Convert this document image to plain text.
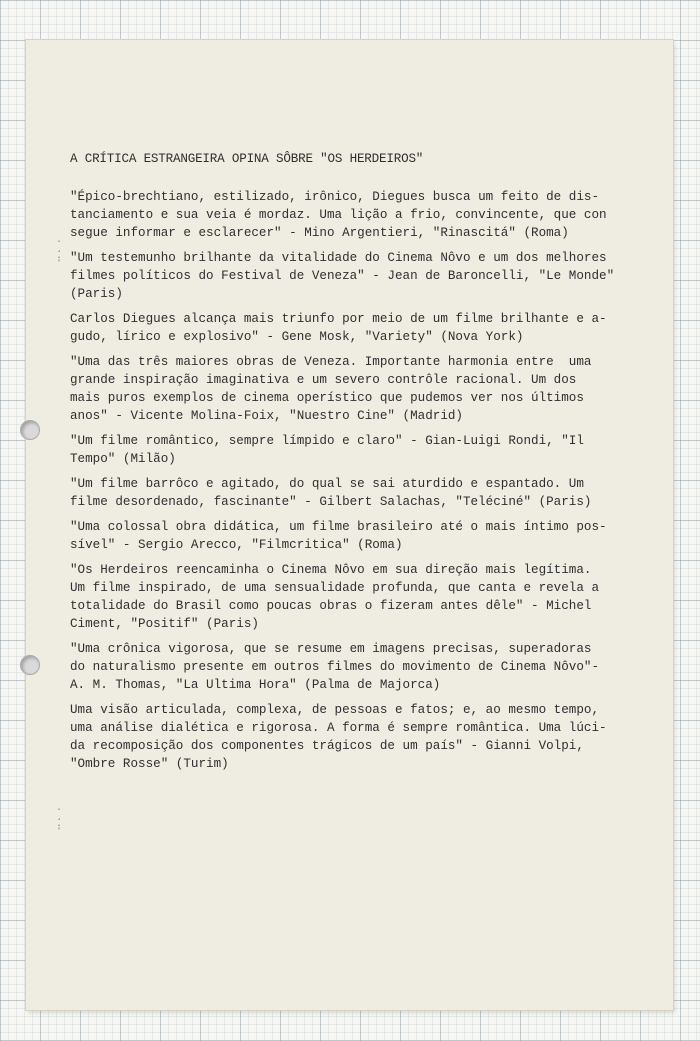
.
¸
.
'
.
¸
.
'
A CRÍTICA ESTRANGEIRA OPINA SÔBRE "OS HERDEIROS"
"Épico-brechtiano, estilizado, irônico, Diegues busca um feito de dis-
tanciamento e sua veia é mordaz. Uma lição a frio, convincente, que con
segue informar e esclarecer" - Mino Argentieri, "Rinascitá" (Roma)
"Um testemunho brilhante da vitalidade do Cinema Nôvo e um dos melhores
filmes políticos do Festival de Veneza" - Jean de Baroncelli, "Le Monde"
(Paris)
Carlos Diegues alcança mais triunfo por meio de um filme brilhante e a-
gudo, lírico e explosivo" - Gene Mosk, "Variety" (Nova York)
"Uma das três maiores obras de Veneza. Importante harmonia entre  uma
grande inspiração imaginativa e um severo contrôle racional. Um dos
mais puros exemplos de cinema operístico que pudemos ver nos últimos
anos" - Vicente Molina-Foix, "Nuestro Cine" (Madrid)
"Um filme romântico, sempre límpido e claro" - Gian-Luigi Rondi, "Il
Tempo" (Milão)
"Um filme barrôco e agitado, do qual se sai aturdido e espantado. Um
filme desordenado, fascinante" - Gilbert Salachas, "Teléciné" (Paris)
"Uma colossal obra didática, um filme brasileiro até o mais íntimo pos-
sível" - Sergio Arecco, "Filmcritica" (Roma)
"Os Herdeiros reencaminha o Cinema Nôvo em sua direção mais legítima.
Um filme inspirado, de uma sensualidade profunda, que canta e revela a
totalidade do Brasil como poucas obras o fizeram antes dêle" - Michel
Ciment, "Positif" (Paris)
"Uma crônica vigorosa, que se resume em imagens precisas, superadoras
do naturalismo presente em outros filmes do movimento de Cinema Nôvo"-
A. M. Thomas, "La Ultima Hora" (Palma de Majorca)
Uma visão articulada, complexa, de pessoas e fatos; e, ao mesmo tempo,
uma análise dialética e rigorosa. A forma é sempre romântica. Uma lúci-
da recomposição dos componentes trágicos de um país" - Gianni Volpi,
"Ombre Rosse" (Turim)
